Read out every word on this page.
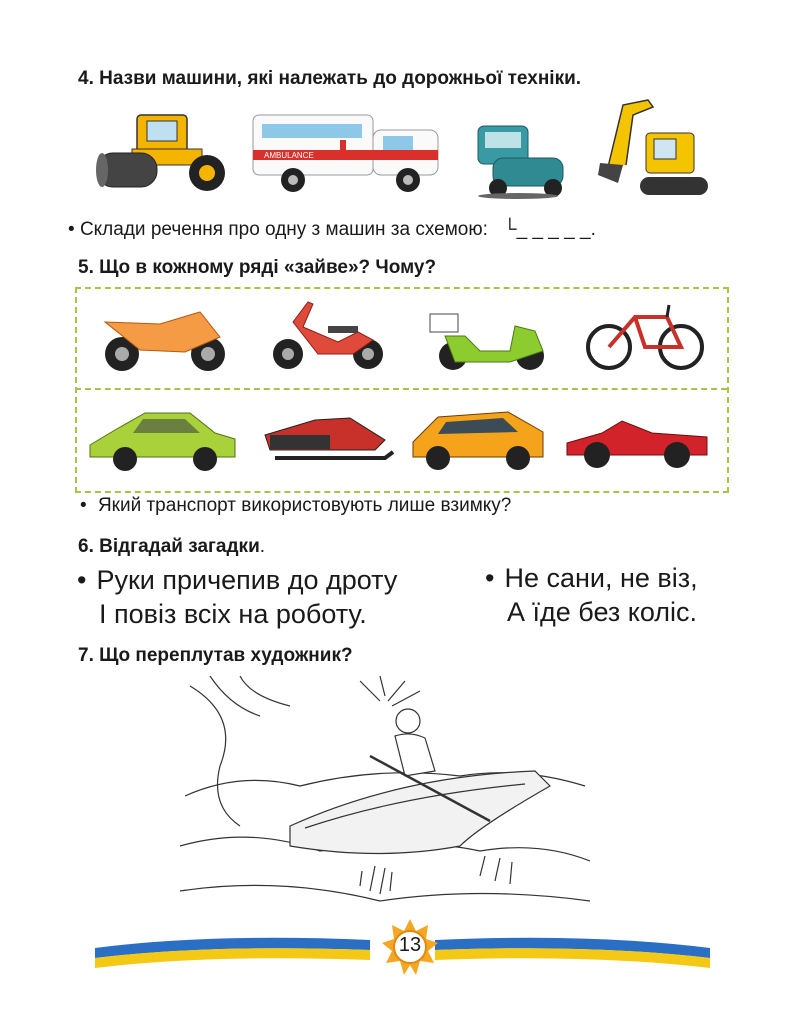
4. Назви машини, які належать до дорожньої техніки.
AMBULANCE
• Склади речення про одну з машин за схемою: └_ _ _ _ _.
5. Що в кожному ряді «зайве»? Чому?
• Який транспорт використовують лише взимку?
6. Відгадай загадки.
• Руки причепив до дроту
І повіз всіх на роботу.
• Не сани, не віз,
А їде без коліс.
7. Що переплутав художник?
13
